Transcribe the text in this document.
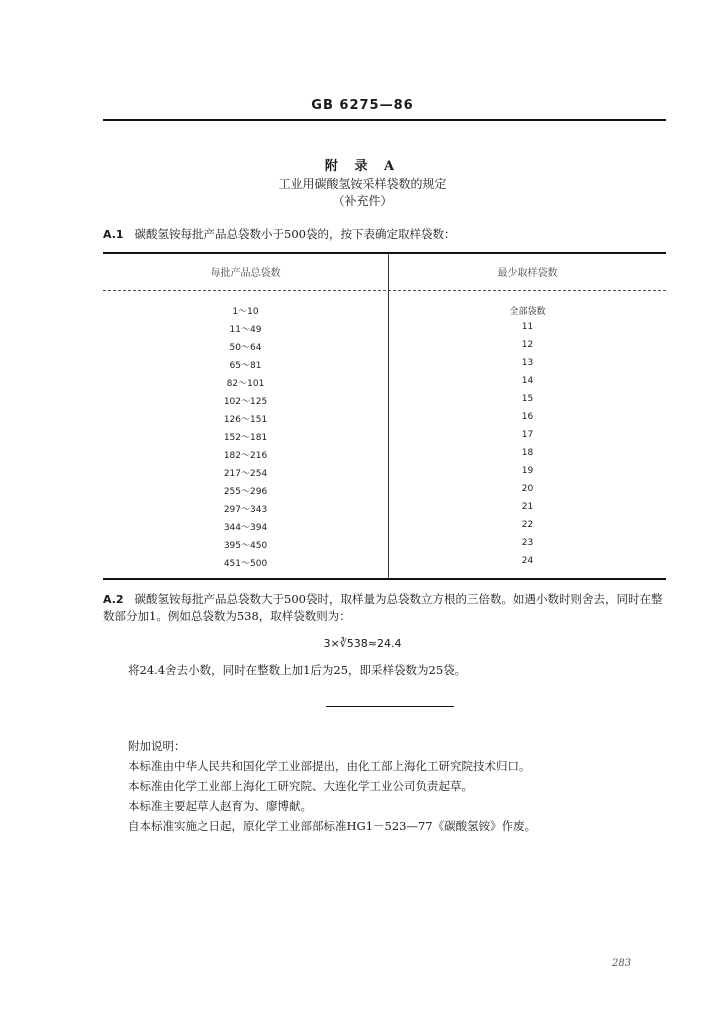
GB 6275—86
附 录 A
工业用碳酸氢铵采样袋数的规定
（补充件）
A.1 碳酸氢铵每批产品总袋数小于500袋的，按下表确定取样袋数：
每批产品总袋数	最少取样袋数
1～10	全部袋数
11～49	11
50～64	12
65～81	13
82～101	14
102～125	15
126～151	16
152～181	17
182～216	18
217～254	19
255～296	20
297～343	21
344～394	22
395～450	23
451～500	24
A.2 碳酸氢铵每批产品总袋数大于500袋时，取样量为总袋数立方根的三倍数。如遇小数时则舍去，同时在整数部分加1。例如总袋数为538，取样袋数则为：
3×∛538≈24.4
将24.4舍去小数，同时在整数上加1后为25，即采样袋数为25袋。
附加说明：
本标准由中华人民共和国化学工业部提出，由化工部上海化工研究院技术归口。
本标准由化学工业部上海化工研究院、大连化学工业公司负责起草。
本标准主要起草人赵育为、廖博献。
自本标准实施之日起，原化学工业部部标准HG1－523—77《碳酸氢铵》作废。
283
